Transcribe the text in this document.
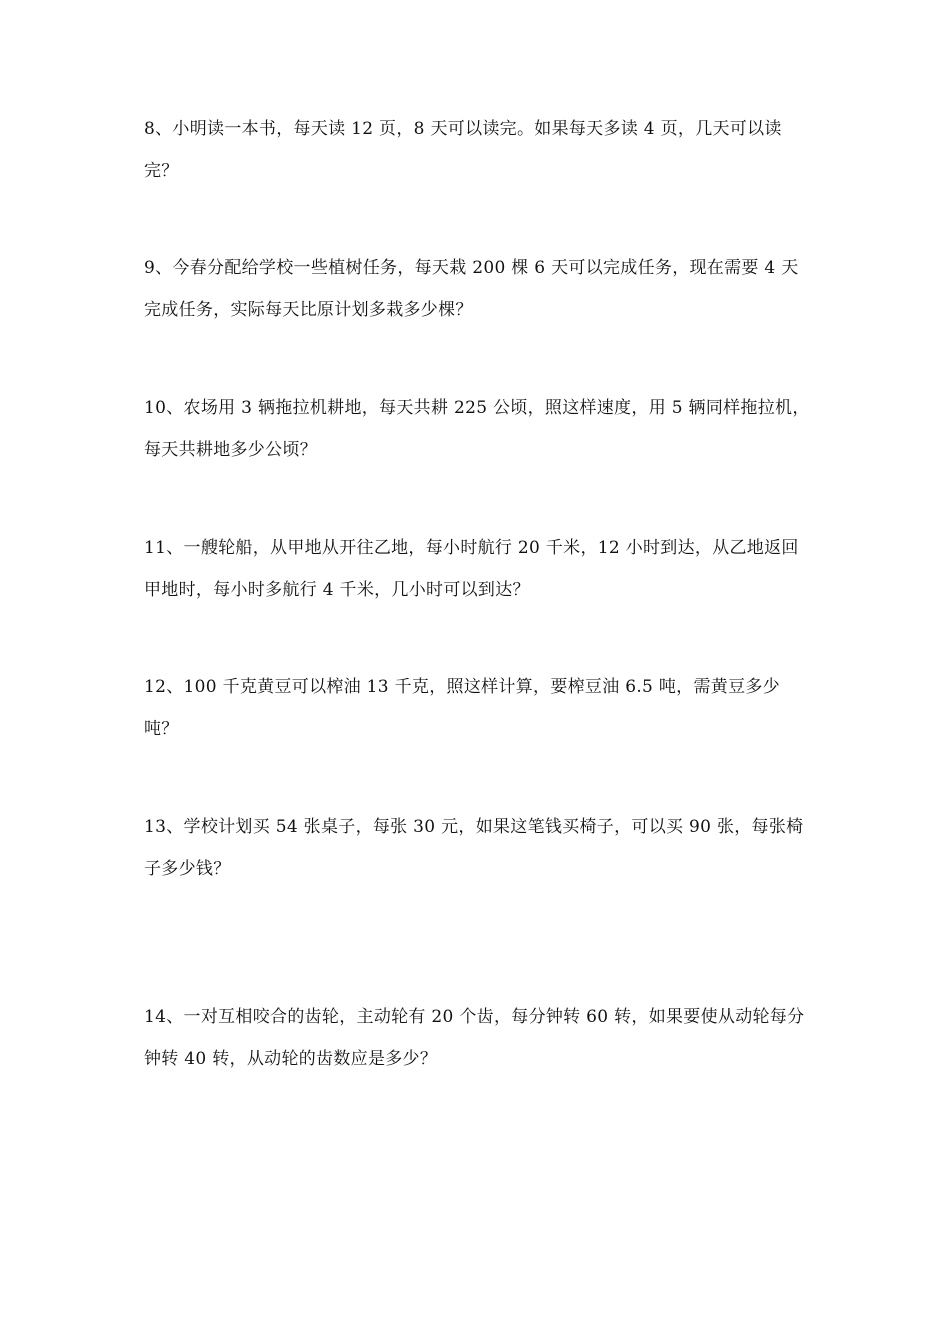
8、小明读一本书，每天读 12 页，8 天可以读完。如果每天多读 4 页，几天可以读完？

9、今春分配给学校一些植树任务，每天栽 200 棵 6 天可以完成任务，现在需要 4 天完成任务，实际每天比原计划多栽多少棵？

10、农场用 3 辆拖拉机耕地，每天共耕 225 公顷，照这样速度，用 5 辆同样拖拉机，每天共耕地多少公顷？

11、一艘轮船，从甲地从开往乙地，每小时航行 20 千米，12 小时到达，从乙地返回甲地时，每小时多航行 4 千米，几小时可以到达？

12、100 千克黄豆可以榨油 13 千克，照这样计算，要榨豆油 6.5 吨，需黄豆多少吨？

13、学校计划买 54 张桌子，每张 30 元，如果这笔钱买椅子，可以买 90 张，每张椅子多少钱？

14、一对互相咬合的齿轮，主动轮有 20 个齿，每分钟转 60 转，如果要使从动轮每分钟转 40 转，从动轮的齿数应是多少？
